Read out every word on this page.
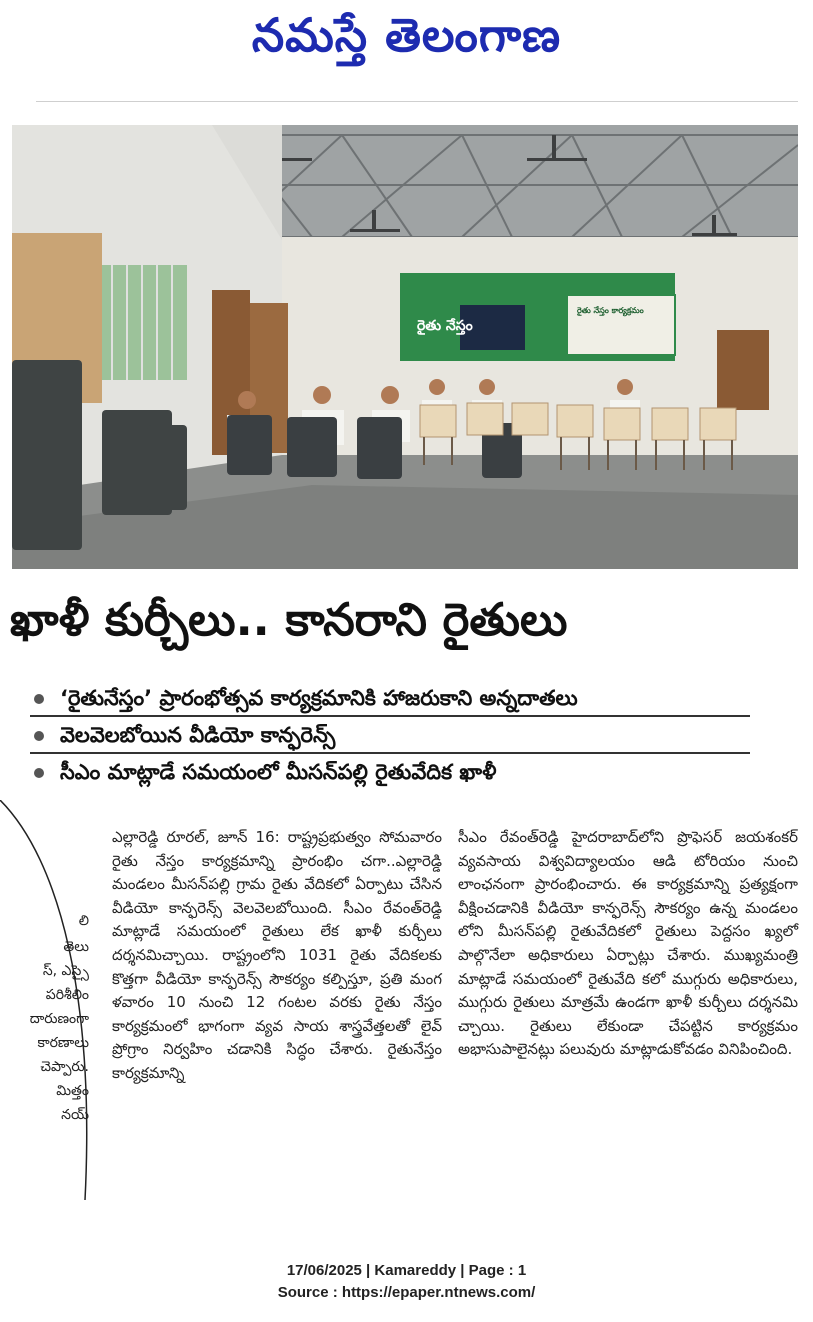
నమస్తే తెలంగాణ
రైతు నేస్తం
రైతు నేస్తం కార్యక్రమం
ఖాళీ కుర్చీలు.. కానరాని రైతులు
‘రైతునేస్తం’ ప్రారంభోత్సవ కార్యక్రమానికి హాజరుకాని అన్నదాతలు
వెలవెలబోయిన వీడియో కాన్ఫరెన్స్
సీఎం మాట్లాడే సమయంలో మీసన్‌పల్లి రైతువేదిక ఖాళీ
లి
తెలు
స్, ఎస్సై
పరిశీలిం
దారుణంగా
కారణాలు
చెప్పారు.
మిత్తం
నయ్

ఎల్లారెడ్డి రూరల్, జూన్ 16: రాష్ట్రప్రభుత్వం సోమవారం రైతు నేస్తం కార్యక్రమాన్ని ప్రారంభిం చగా..ఎల్లారెడ్డి మండలం మీసన్‌పల్లి గ్రామ రైతు వేదికలో ఏర్పాటు చేసిన వీడియో కాన్ఫరెన్స్ వెలవెలబోయింది. సీఎం రేవంత్‌రెడ్డి మాట్లాడే సమయంలో రైతులు లేక ఖాళీ కుర్చీలు దర్శనమిచ్చాయి. రాష్ట్రంలోని 1031 రైతు వేదికలకు కొత్తగా వీడియో కాన్ఫరెన్స్ సౌకర్యం కల్పిస్తూ, ప్రతి మంగ ళవారం 10 నుంచి 12 గంటల వరకు రైతు నేస్తం కార్యక్రమంలో భాగంగా వ్యవ సాయ శాస్త్రవేత్తలతో లైవ్ ప్రోగ్రాం నిర్వహిం చడానికి సిద్ధం చేశారు. రైతునేస్తం కార్యక్రమాన్ని

సీఎం రేవంత్‌రెడ్డి హైదరాబాద్‌లోని ప్రొఫెసర్ జయశంకర్ వ్యవసాయ విశ్వవిద్యాలయం ఆడి టోరియం నుంచి లాంఛనంగా ప్రారంభించారు. ఈ కార్యక్రమాన్ని ప్రత్యక్షంగా వీక్షించడానికి వీడియో కాన్ఫరెన్స్ సౌకర్యం ఉన్న మండలం లోని మీసన్‌పల్లి రైతువేదికలో రైతులు పెద్దసం ఖ్యలో పాల్గొనేలా అధికారులు ఏర్పాట్లు చేశారు. ముఖ్యమంత్రి మాట్లాడే సమయంలో రైతువేది కలో ముగ్గురు అధికారులు, ముగ్గురు రైతులు మాత్రమే ఉండగా ఖాళీ కుర్చీలు దర్శనమి చ్చాయి. రైతులు లేకుండా చేపట్టిన కార్యక్రమం అభాసుపాలైనట్లు పలువురు మాట్లాడుకోవడం వినిపించింది.

17/06/2025 | Kamareddy | Page : 1
Source : https://epaper.ntnews.com/
